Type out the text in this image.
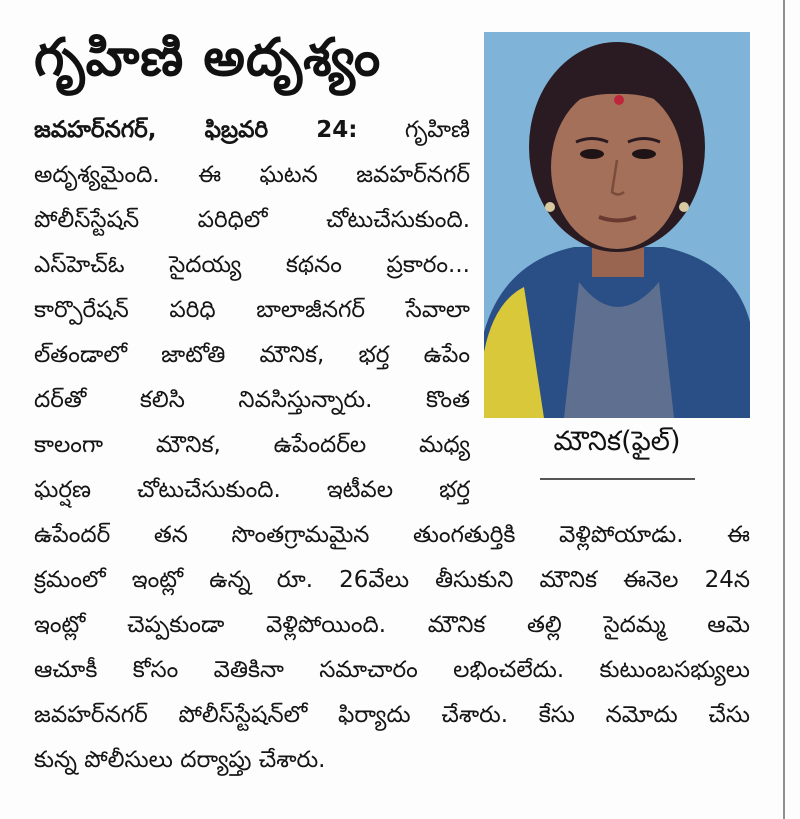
గృహిణి అదృశ్యం
మౌనిక(ఫైల్)
జవహర్‌నగర్, ఫిబ్రవరి 24: గృహిణి
అదృశ్యమైంది. ఈ ఘటన జవహర్‌నగర్
పోలీస్‌స్టేషన్ పరిధిలో చోటుచేసుకుంది.
ఎస్‌హెచ్‌ఓ సైదయ్య కథనం ప్రకారం...
కార్పొరేషన్ పరిధి బాలాజీనగర్ సేవాలా
ల్‌తండాలో జాటోతి మౌనిక, భర్త ఉపేం
దర్‌తో కలిసి నివసిస్తున్నారు. కొంత
కాలంగా మౌనిక, ఉపేందర్‌ల మధ్య
ఘర్షణ చోటుచేసుకుంది. ఇటీవల భర్త
ఉపేందర్ తన సొంతగ్రామమైన తుంగతుర్తికి వెళ్లిపోయాడు. ఈ
క్రమంలో ఇంట్లో ఉన్న రూ. 26వేలు తీసుకుని మౌనిక ఈనెల 24న
ఇంట్లో చెప్పకుండా వెళ్లిపోయింది. మౌనిక తల్లి సైదమ్మ ఆమె
ఆచూకీ కోసం వెతికినా సమాచారం లభించలేదు. కుటుంబసభ్యులు
జవహర్‌నగర్ పోలీస్‌స్టేషన్‌లో ఫిర్యాదు చేశారు. కేసు నమోదు చేసు
కున్న పోలీసులు దర్యాప్తు చేశారు.
